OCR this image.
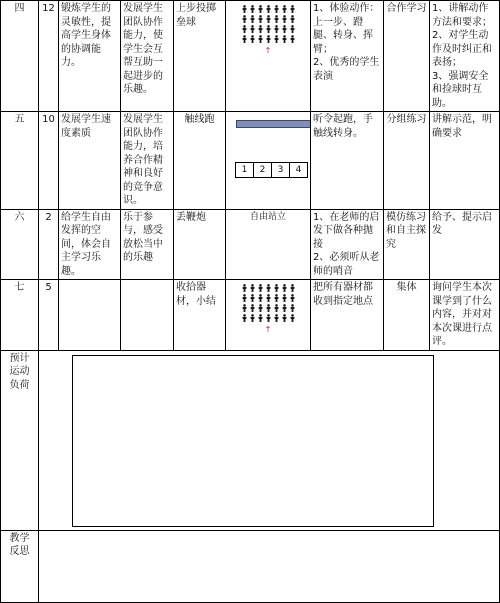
四	12	锻炼学生的灵敏性，提高学生身体的协调能力。	发展学生团队协作能力，使学生会互帮互助一起进步的乐趣。	上步投掷垒球	↑	1、体验动作：上一步、蹬腿、转身、挥臂；
2、优秀的学生表演	合作学习	1、讲解动作方法和要求；
2、对学生动作及时纠正和表扬；
3、强调安全和捡球时互助。
五	10	发展学生速度素质	发展学生团队协作能力，培养合作精神和良好的竞争意识。	触线跑	1 2 3 4	听令起跑，手触线转身。	分组练习	讲解示范，明确要求
六	2	给学生自由发挥的空间，体会自主学习乐趣。	乐于参与，感受放松当中的乐趣	丢鞭炮	自由站立	1、在老师的启发下做各种抛接
2、必须听从老师的哨音	模仿练习和自主探究	给予、提示启发
七	5			收拾器材，小结	↑	把所有器材都收到指定地点	集体	询问学生本次课学到了什么内容，并对对本次课进行点评。
预计
运动
负荷								
教学
反思								
